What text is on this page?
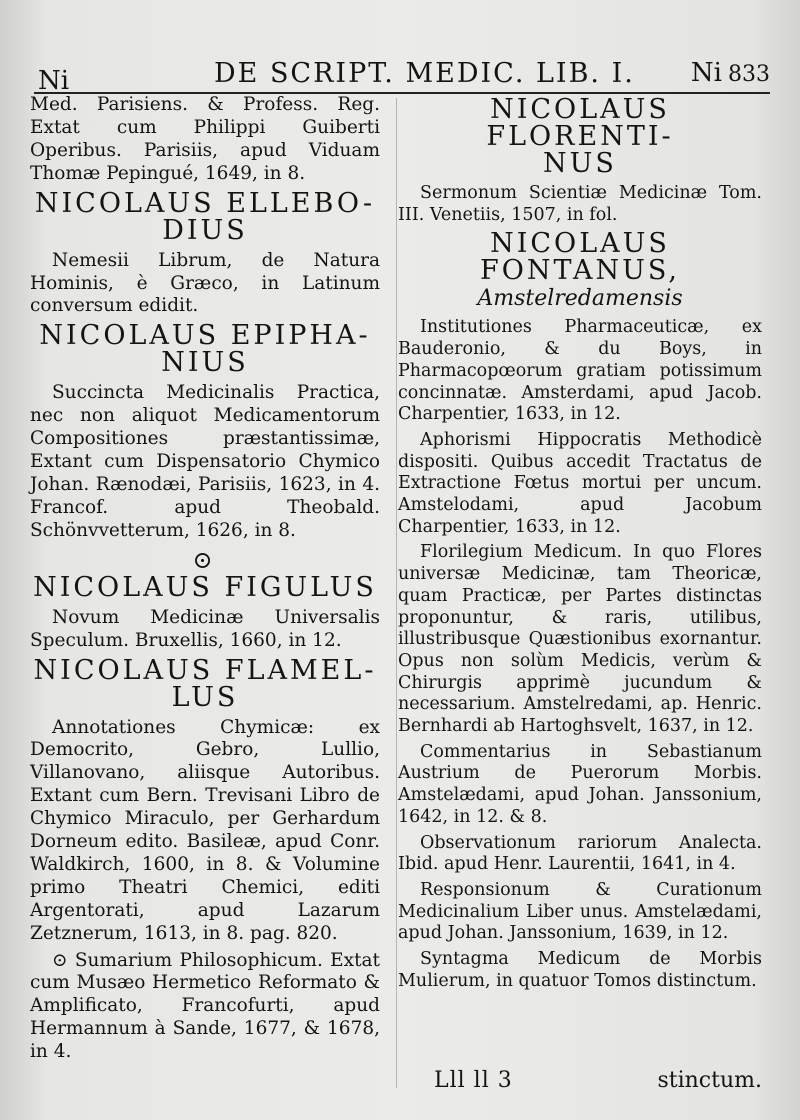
Ni	DE SCRIPT. MEDIC. LIB. I. Ni 833

Med. Parisiens. & Profess. Reg. Extat cum Philippi Guiberti Operibus. Parisiis, apud Viduam Thomæ Pepingué, 1649, in 8.

NICOLAUS ELLEBO-
DIUS

Nemesii Librum, de Natura Hominis, è Græco, in Latinum conversum edidit.

NICOLAUS EPIPHA-
NIUS

Succincta Medicinalis Practica, nec non aliquot Medicamentorum Compositiones præstantissimæ, Extant cum Dispensatorio Chymico Johan. Rænodæi, Parisiis, 1623, in 4. Francof. apud Theobald. Schönvvetterum, 1626, in 8.

⊙
NICOLAUS FIGULUS

Novum Medicinæ Universalis Speculum. Bruxellis, 1660, in 12.

NICOLAUS FLAMEL-
LUS

Annotationes Chymicæ: ex Democrito, Gebro, Lullio, Villanovano, aliisque Autoribus. Extant cum Bern. Trevisani Libro de Chymico Miraculo, per Gerhardum Dorneum edito. Basileæ, apud Conr. Waldkirch, 1600, in 8. & Volumine primo Theatri Chemici, editi Argentorati, apud Lazarum Zetznerum, 1613, in 8. pag. 820.

⊙ Sumarium Philosophicum. Extat cum Musæo Hermetico Reformato & Amplificato, Francofurti, apud Hermannum à Sande, 1677, & 1678, in 4.

NICOLAUS FLORENTI-
NUS

Sermonum Scientiæ Medicinæ Tom. III. Venetiis, 1507, in fol.

NICOLAUS FONTANUS,
Amstelredamensis

Institutiones Pharmaceuticæ, ex Bauderonio, & du Boys, in Pharmacopœorum gratiam potissimum concinnatæ. Amsterdami, apud Jacob. Charpentier, 1633, in 12.

Aphorismi Hippocratis Methodicè dispositi. Quibus accedit Tractatus de Extractione Fœtus mortui per uncum. Amstelodami, apud Jacobum Charpentier, 1633, in 12.

Florilegium Medicum. In quo Flores universæ Medicinæ, tam Theoricæ, quam Practicæ, per Partes distinctas proponuntur, & raris, utilibus, illustribusque Quæstionibus exornantur. Opus non solùm Medicis, verùm & Chirurgis apprimè jucundum & necessarium. Amstelredami, ap. Henric. Bernhardi ab Hartoghsvelt, 1637, in 12.

Commentarius in Sebastianum Austrium de Puerorum Morbis. Amstelædami, apud Johan. Janssonium, 1642, in 12. & 8.

Observationum rariorum Analecta. Ibid. apud Henr. Laurentii, 1641, in 4.

Responsionum & Curationum Medicinalium Liber unus. Amstelædami, apud Johan. Janssonium, 1639, in 12.

Syntagma Medicum de Morbis Mulierum, in quatuor Tomos distinctum.

Lll ll 3	stinctum.
